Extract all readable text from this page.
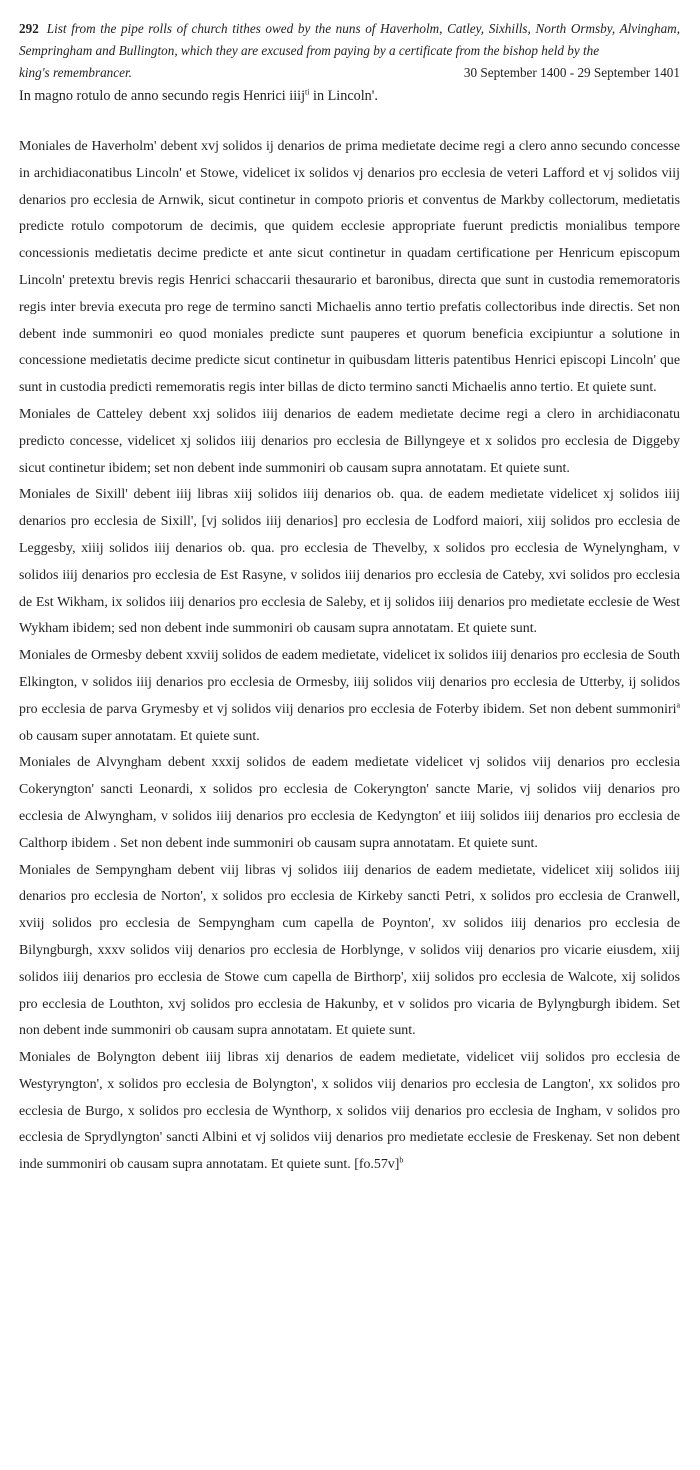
292 List from the pipe rolls of church tithes owed by the nuns of Haverholm, Catley, Sixhills, North Ormsby, Alvingham, Sempringham and Bullington, which they are excused from paying by a certificate from the bishop held by the
30 September 1400 - 29 September 1401
king's remembrancer.
In magno rotulo de anno secundo regis Henrici iiij$^{ti}$ in Lincoln'.

Moniales de Haverholm' debent xvj solidos ij denarios de prima medietate decime regi a clero anno secundo concesse in archidiaconatibus Lincoln' et Stowe, videlicet ix solidos vj denarios pro ecclesia de veteri Lafford et vj solidos viij denarios pro ecclesia de Arnwik, sicut continetur in compoto prioris et conventus de Markby collectorum, medietatis predicte rotulo compotorum de decimis, que quidem ecclesie appropriate fuerunt predictis monialibus tempore concessionis medietatis decime predicte et ante sicut continetur in quadam certificatione per Henricum episcopum Lincoln' pretextu brevis regis Henrici schaccarii thesaurario et baronibus, directa que sunt in custodia rememoratoris regis inter brevia executa pro rege de termino sancti Michaelis anno tertio prefatis collectoribus inde directis. Set non debent inde summoniri eo quod moniales predicte sunt pauperes et quorum beneficia excipiuntur a solutione in concessione medietatis decime predicte sicut continetur in quibusdam litteris patentibus Henrici episcopi Lincoln' que sunt in custodia predicti rememoratis regis inter billas de dicto termino sancti Michaelis anno tertio. Et quiete sunt.

Moniales de Catteley debent xxj solidos iiij denarios de eadem medietate decime regi a clero in archidiaconatu predicto concesse, videlicet xj solidos iiij denarios pro ecclesia de Billyngeye et x solidos pro ecclesia de Diggeby sicut continetur ibidem; set non debent inde summoniri ob causam supra annotatam. Et quiete sunt.

Moniales de Sixill' debent iiij libras xiij solidos iiij denarios ob. qua. de eadem medietate videlicet xj solidos iiij denarios pro ecclesia de Sixill', [vj solidos iiij denarios] pro ecclesia de Lodford maiori, xiij solidos pro ecclesia de Leggesby, xiiij solidos iiij denarios ob. qua. pro ecclesia de Thevelby, x solidos pro ecclesia de Wynelyngham, v solidos iiij denarios pro ecclesia de Est Rasyne, v solidos iiij denarios pro ecclesia de Cateby, xvi solidos pro ecclesia de Est Wikham, ix solidos iiij denarios pro ecclesia de Saleby, et ij solidos iiij denarios pro medietate ecclesie de West Wykham ibidem; sed non debent inde summoniri ob causam supra annotatam. Et quiete sunt.

Moniales de Ormesby debent xxviij solidos de eadem medietate, videlicet ix solidos iiij denarios pro ecclesia de South Elkington, v solidos iiij denarios pro ecclesia de Ormesby, iiij solidos viij denarios pro ecclesia de Utterby, ij solidos pro ecclesia de parva Grymesby et vj solidos viij denarios pro ecclesia de Foterby ibidem. Set non debent summoniri$^a$ ob causam super annotatam. Et quiete sunt.

Moniales de Alvyngham debent xxxij solidos de eadem medietate videlicet vj solidos viij denarios pro ecclesia Cokeryngton' sancti Leonardi, x solidos pro ecclesia de Cokeryngton' sancte Marie, vj solidos viij denarios pro ecclesia de Alwyngham, v solidos iiij denarios pro ecclesia de Kedyngton' et iiij solidos iiij denarios pro ecclesia de Calthorp ibidem . Set non debent inde summoniri ob causam supra annotatam. Et quiete sunt.

Moniales de Sempyngham debent viij libras vj solidos iiij denarios de eadem medietate, videlicet xiij solidos iiij denarios pro ecclesia de Norton', x solidos pro ecclesia de Kirkeby sancti Petri, x solidos pro ecclesia de Cranwell, xviij solidos pro ecclesia de Sempyngham cum capella de Poynton', xv solidos iiij denarios pro ecclesia de Bilyngburgh, xxxv solidos viij denarios pro ecclesia de Horblynge, v solidos viij denarios pro vicarie eiusdem, xiij solidos iiij denarios pro ecclesia de Stowe cum capella de Birthorp', xiij solidos pro ecclesia de Walcote, xij solidos pro ecclesia de Louthton, xvj solidos pro ecclesia de Hakunby, et v solidos pro vicaria de Bylyngburgh ibidem. Set non debent inde summoniri ob causam supra annotatam. Et quiete sunt.

Moniales de Bolyngton debent iiij libras xij denarios de eadem medietate, videlicet viij solidos pro ecclesia de Westyryngton', x solidos pro ecclesia de Bolyngton', x solidos viij denarios pro ecclesia de Langton', xx solidos pro ecclesia de Burgo, x solidos pro ecclesia de Wynthorp, x solidos viij denarios pro ecclesia de Ingham, v solidos pro ecclesia de Sprydlyngton' sancti Albini et vj solidos viij denarios pro medietate ecclesie de Freskenay. Set non debent inde summoniri ob causam supra annotatam. Et quiete sunt. $[fo.57v]^b$
